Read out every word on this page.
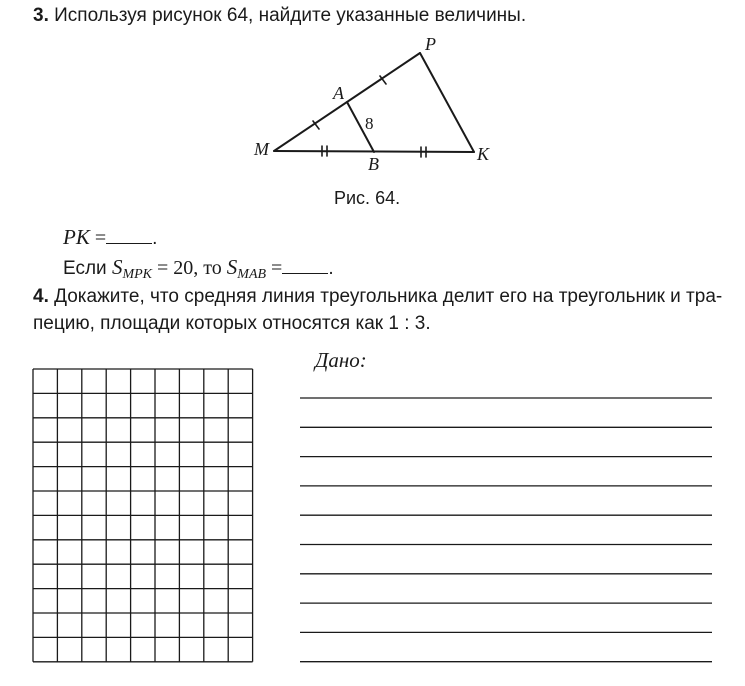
3. Используя рисунок 64, найдите указанные величины.
M
A
P
B	K
8
Рис. 64.
PK = .
Если $S_{MPK} = 20$, то $S_{MAB}$ = .
4. Докажите, что средняя линия треугольника делит его на треугольник и тра-
пецию, площади которых относятся как 1 : 3.
Дано:
